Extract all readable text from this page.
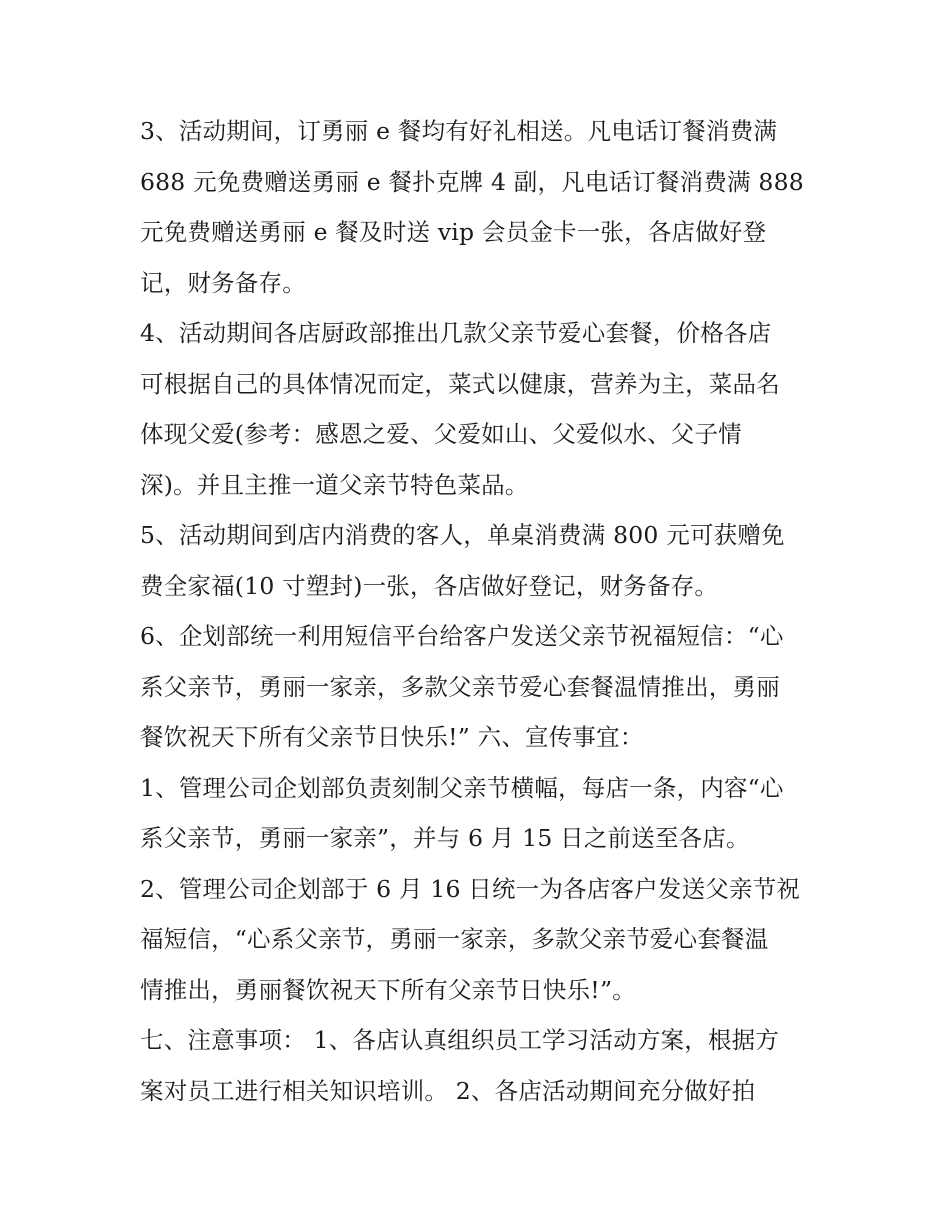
3、活动期间，订勇丽 e 餐均有好礼相送。凡电话订餐消费满
688 元免费赠送勇丽 e 餐扑克牌 4 副，凡电话订餐消费满 888
元免费赠送勇丽 e 餐及时送 vip 会员金卡一张，各店做好登
记，财务备存。
4、活动期间各店厨政部推出几款父亲节爱心套餐，价格各店
可根据自己的具体情况而定，菜式以健康，营养为主，菜品名
体现父爱(参考：感恩之爱、父爱如山、父爱似水、父子情
深)。并且主推一道父亲节特色菜品。
5、活动期间到店内消费的客人，单桌消费满 800 元可获赠免
费全家福(10 寸塑封)一张，各店做好登记，财务备存。
6、企划部统一利用短信平台给客户发送父亲节祝福短信：“心
系父亲节，勇丽一家亲，多款父亲节爱心套餐温情推出，勇丽
餐饮祝天下所有父亲节日快乐!” 六、宣传事宜：
1、管理公司企划部负责刻制父亲节横幅，每店一条，内容“心
系父亲节，勇丽一家亲”，并与 6 月 15 日之前送至各店。
2、管理公司企划部于 6 月 16 日统一为各店客户发送父亲节祝
福短信，“心系父亲节，勇丽一家亲，多款父亲节爱心套餐温
情推出，勇丽餐饮祝天下所有父亲节日快乐!”。
七、注意事项： 1、各店认真组织员工学习活动方案，根据方
案对员工进行相关知识培训。 2、各店活动期间充分做好拍
